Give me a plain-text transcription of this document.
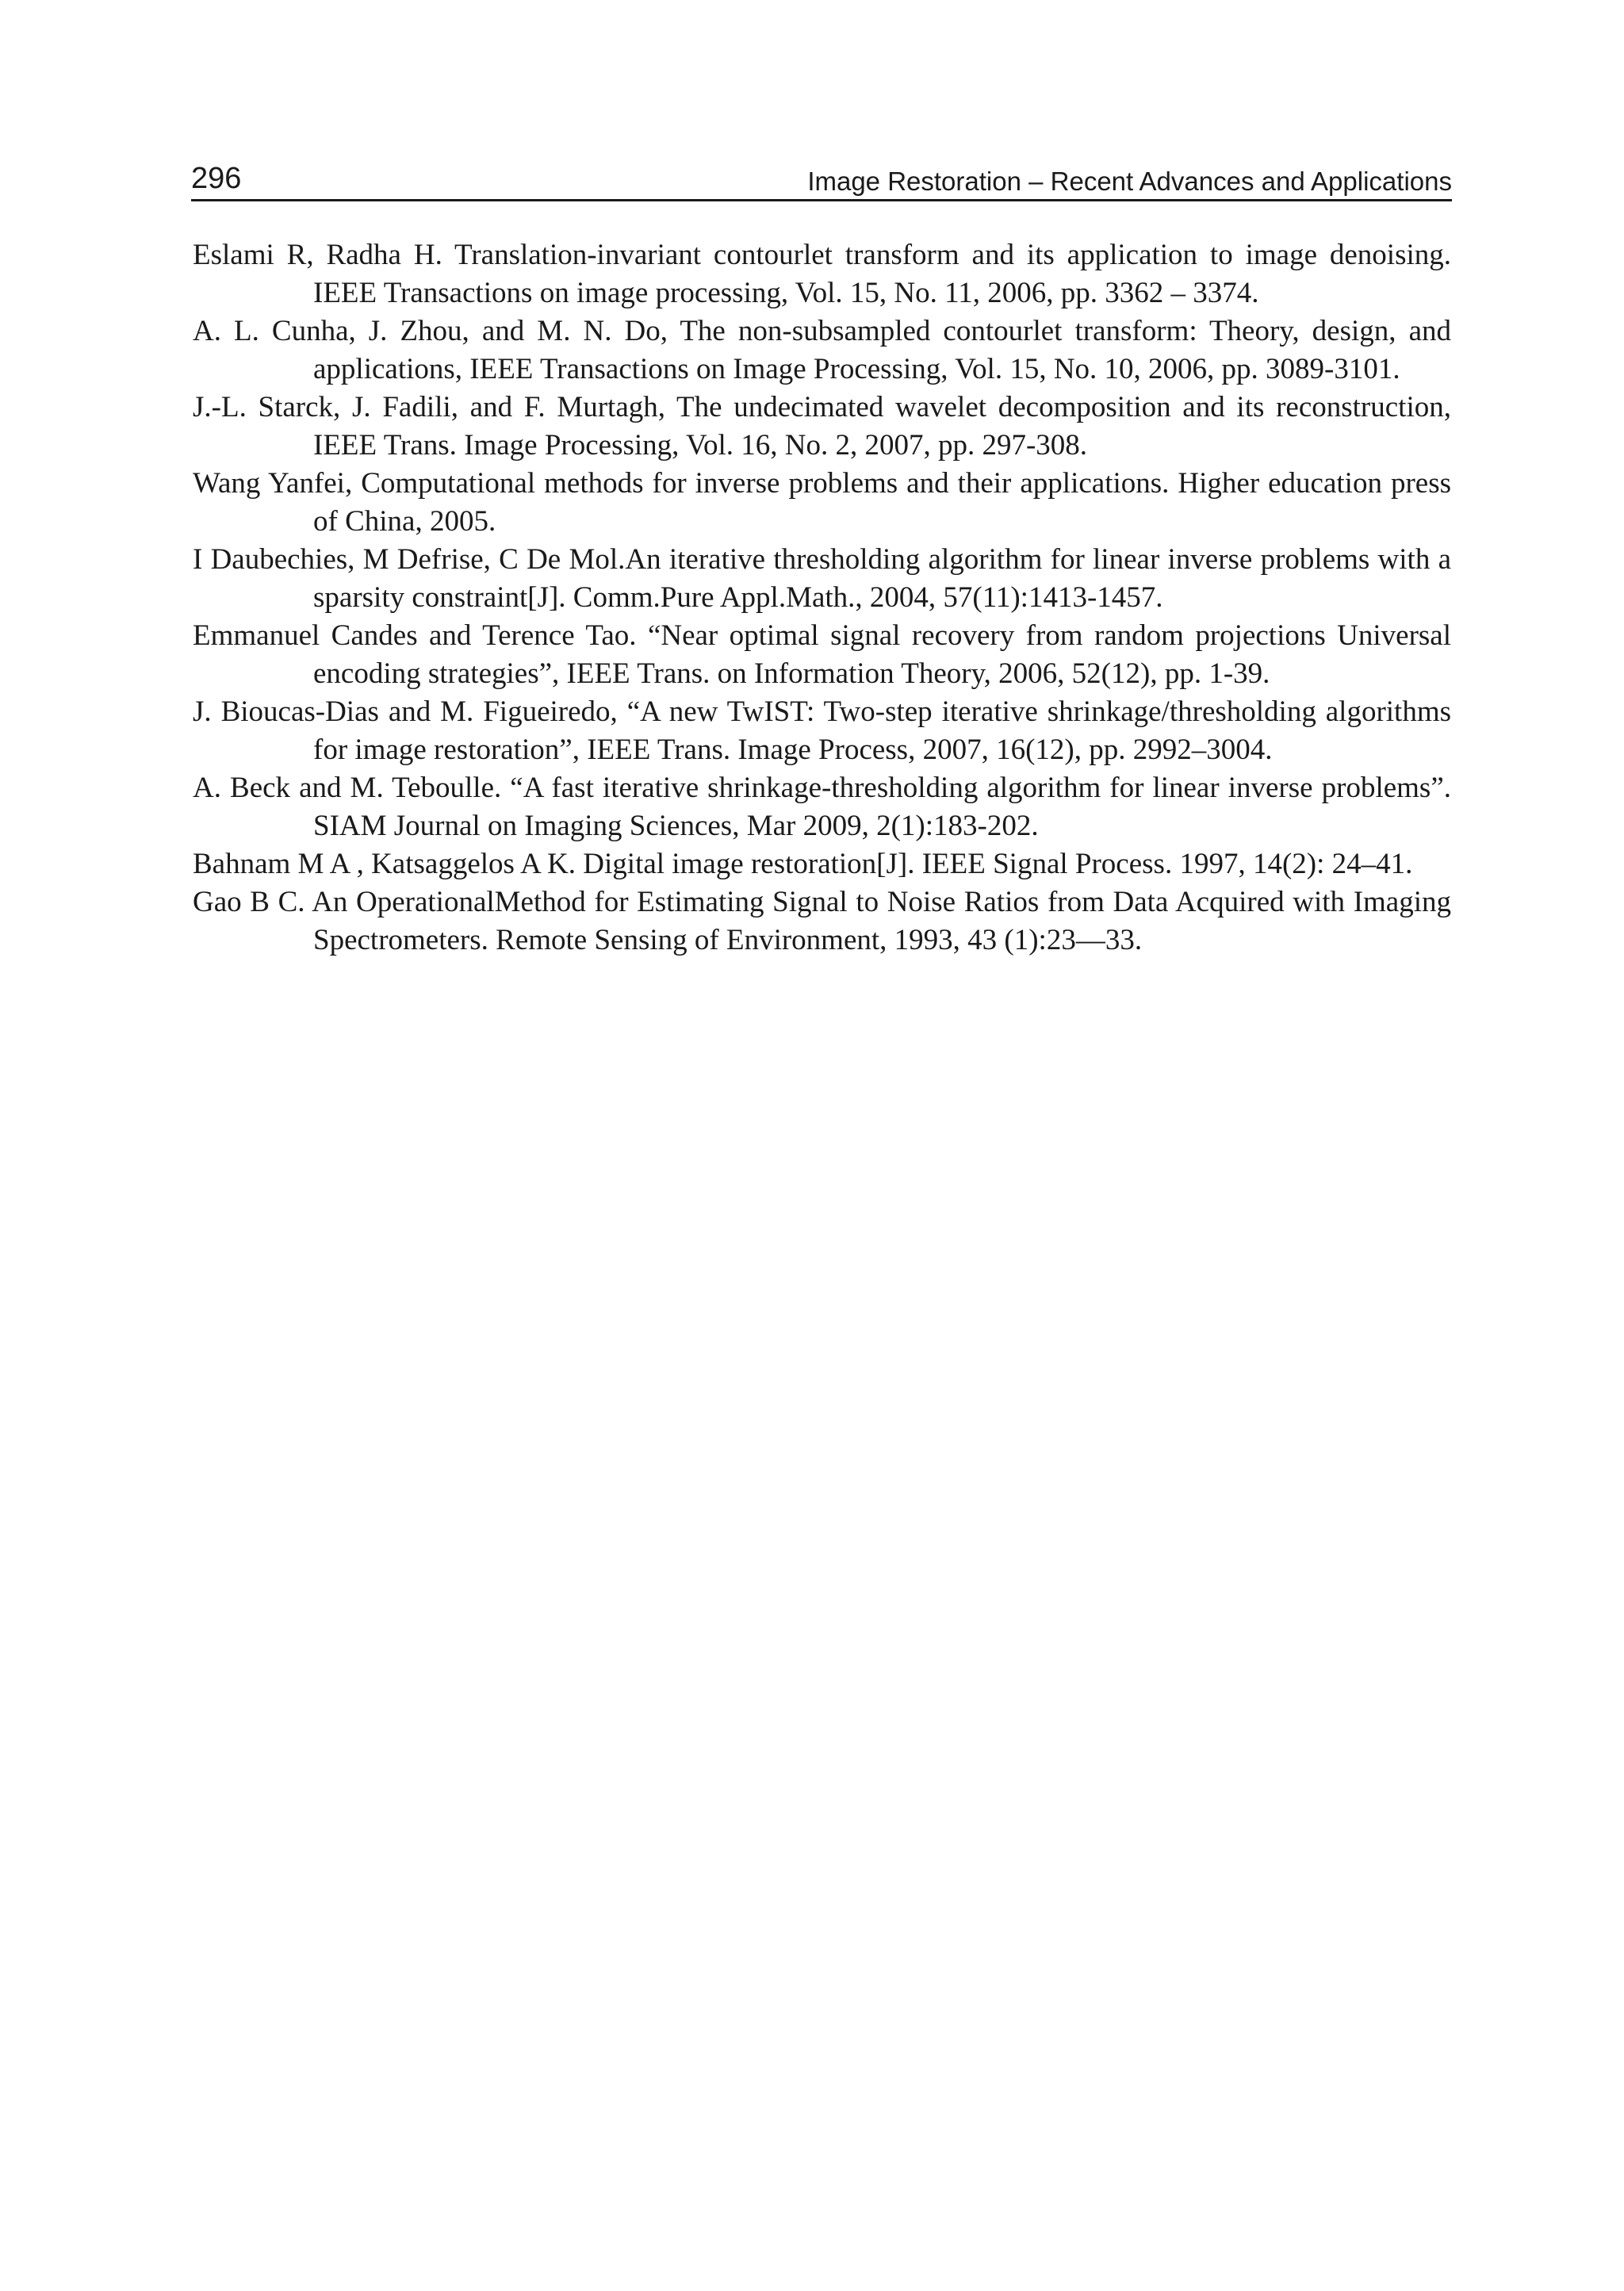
296	Image Restoration – Recent Advances and Applications

Eslami R, Radha H. Translation-invariant contourlet transform and its application to image denoising. IEEE Transactions on image processing, Vol. 15, No. 11, 2006, pp. 3362 – 3374.

A. L. Cunha, J. Zhou, and M. N. Do, The non-subsampled contourlet transform: Theory, design, and applications, IEEE Transactions on Image Processing, Vol. 15, No. 10, 2006, pp. 3089-3101.

J.-L. Starck, J. Fadili, and F. Murtagh, The undecimated wavelet decomposition and its reconstruction, IEEE Trans. Image Processing, Vol. 16, No. 2, 2007, pp. 297-308.

Wang Yanfei, Computational methods for inverse problems and their applications. Higher education press of China, 2005.

I Daubechies, M Defrise, C De Mol.An iterative thresholding algorithm for linear inverse problems with a sparsity constraint[J]. Comm.Pure Appl.Math., 2004, 57(11):1413-1457.

Emmanuel Candes and Terence Tao. “Near optimal signal recovery from random projections Universal encoding strategies”, IEEE Trans. on Information Theory, 2006, 52(12), pp. 1-39.

J. Bioucas-Dias and M. Figueiredo, “A new TwIST: Two-step iterative shrinkage/thresholding algorithms for image restoration”, IEEE Trans. Image Process, 2007, 16(12), pp. 2992–3004.

A. Beck and M. Teboulle. “A fast iterative shrinkage-thresholding algorithm for linear inverse problems”. SIAM Journal on Imaging Sciences, Mar 2009, 2(1):183-202.

Bahnam M A , Katsaggelos A K. Digital image restoration[J]. IEEE Signal Process. 1997, 14(2): 24–41.

Gao B C. An OperationalMethod for Estimating Signal to Noise Ratios from Data Acquired with Imaging Spectrometers. Remote Sensing of Environment, 1993, 43 (1):23—33.
